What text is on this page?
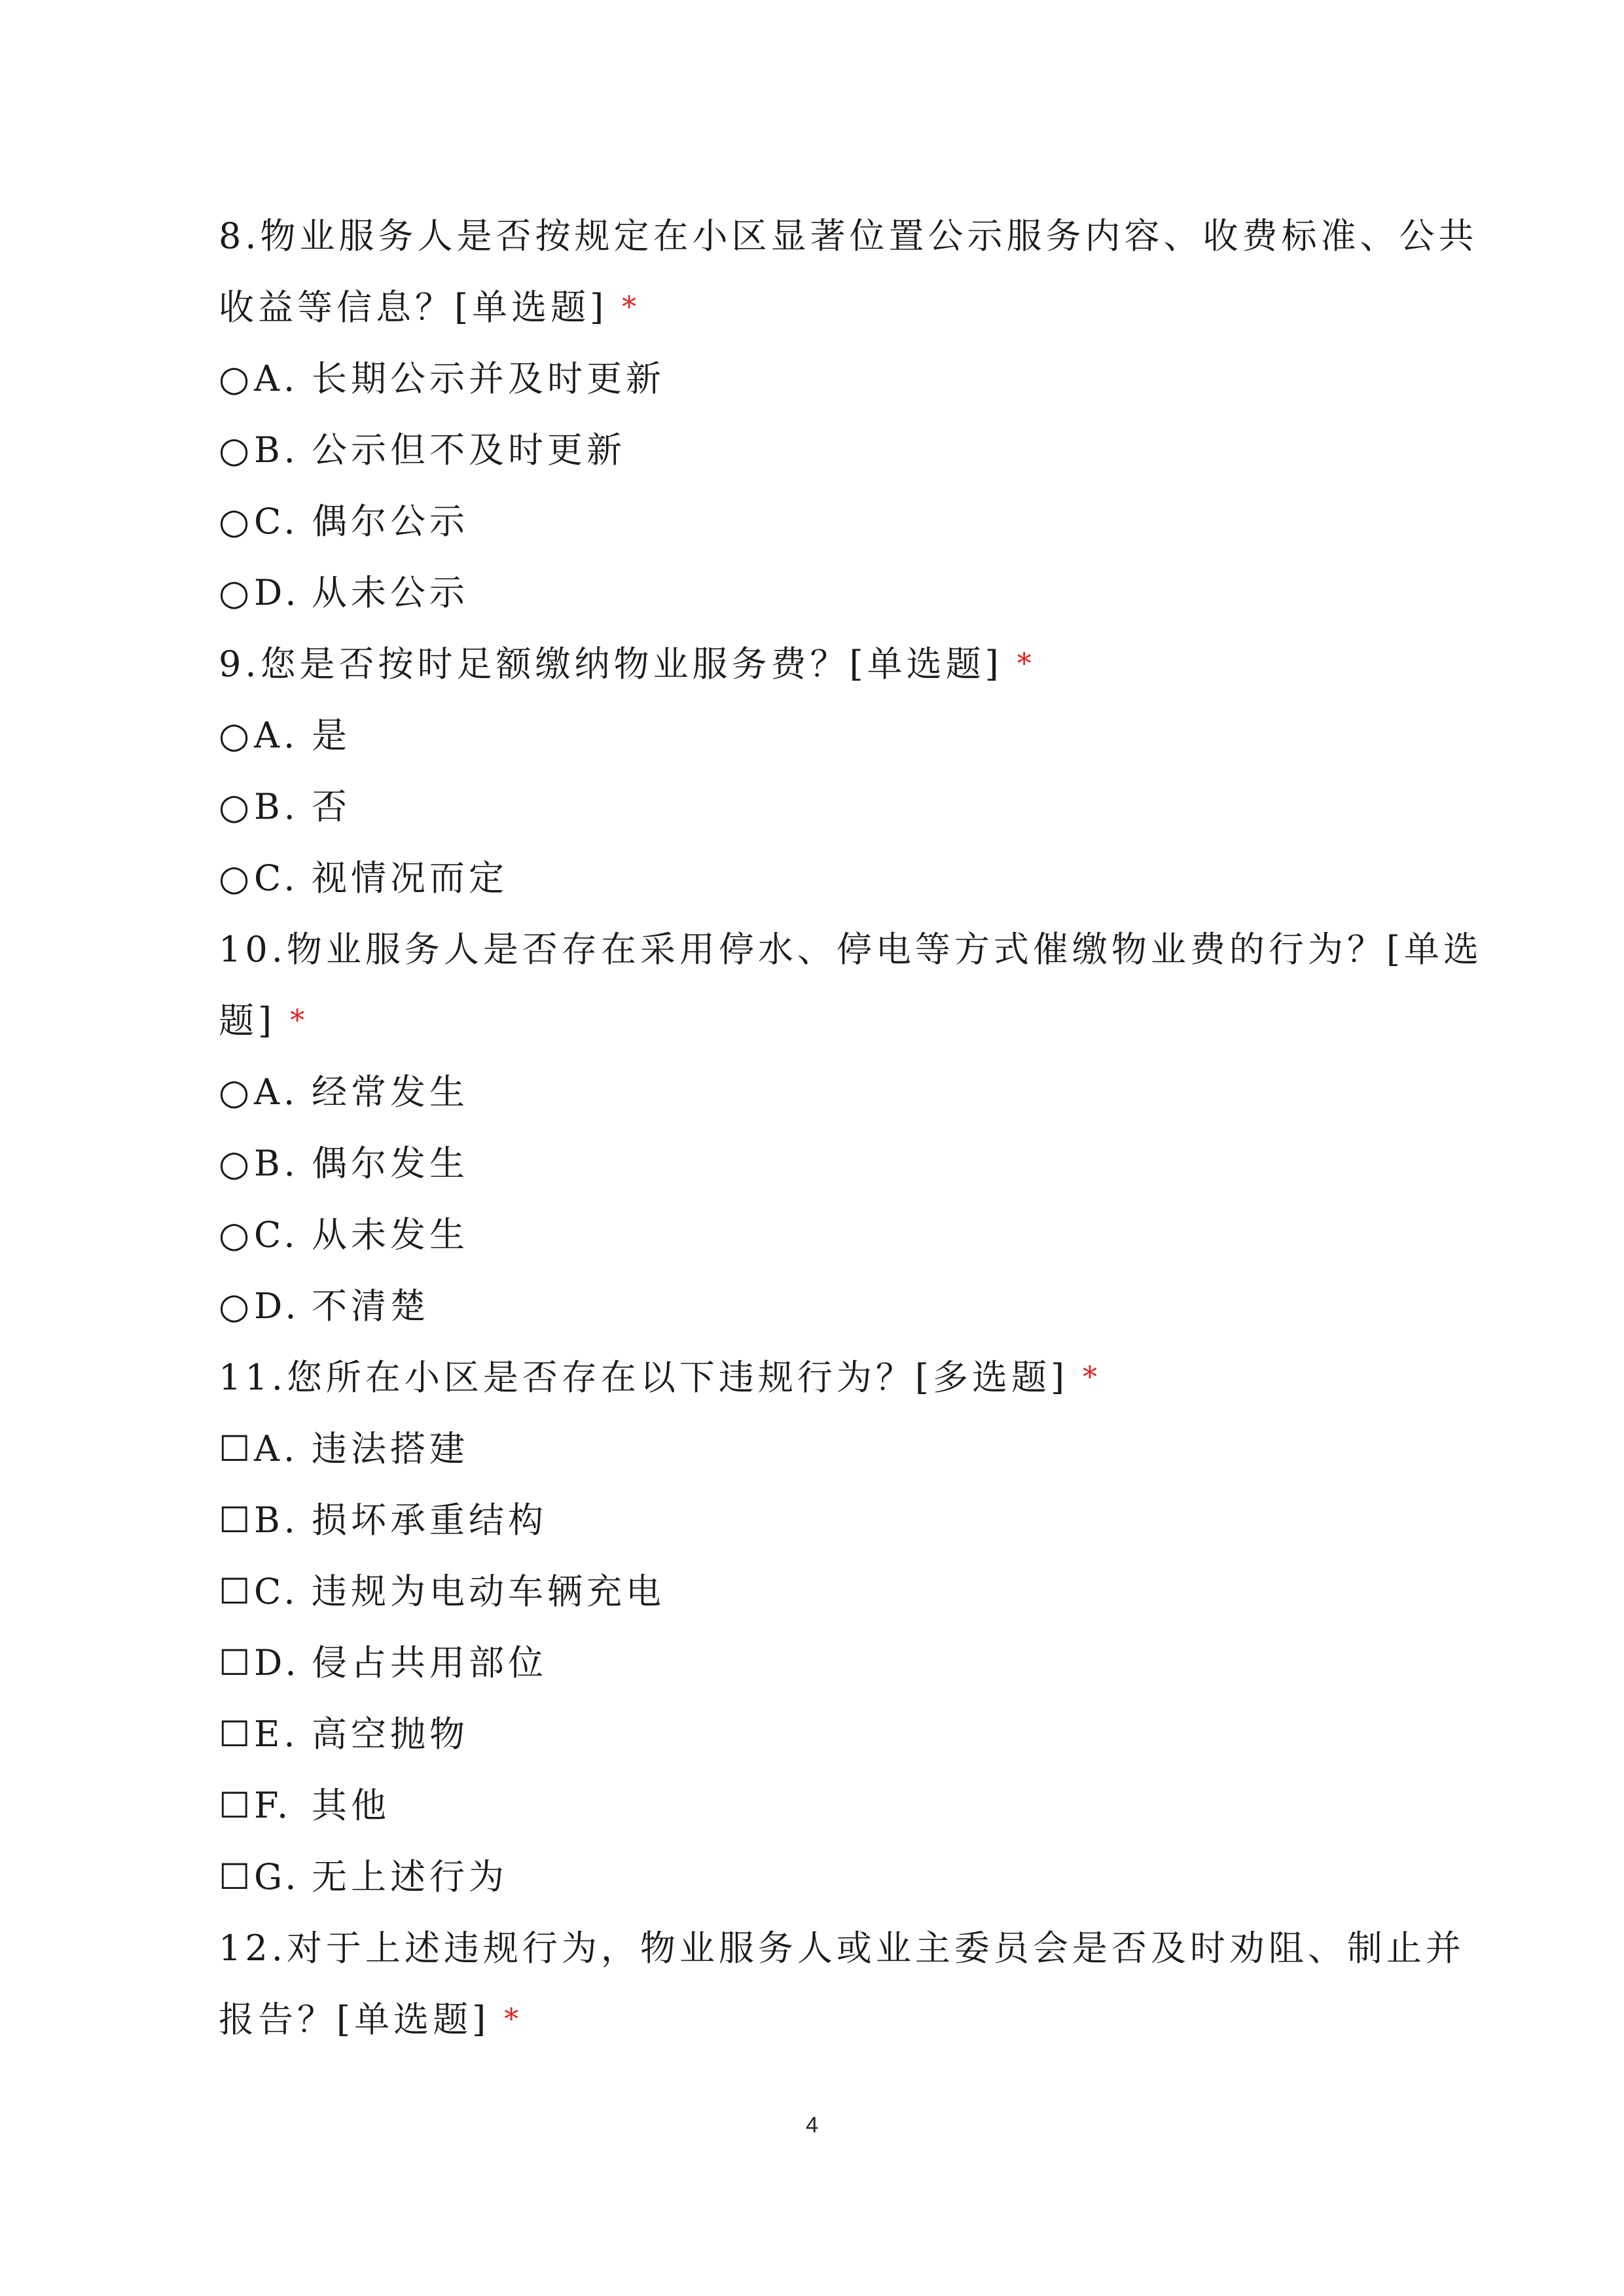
8.物业服务人是否按规定在小区显著位置公示服务内容、收费标准、公共
收益等信息？[单选题] *
○A. 长期公示并及时更新
○B. 公示但不及时更新
○C. 偶尔公示
○D. 从未公示
9.您是否按时足额缴纳物业服务费？[单选题] *
○A. 是
○B. 否
○C. 视情况而定
10.物业服务人是否存在采用停水、停电等方式催缴物业费的行为？[单选
题] *
○A. 经常发生
○B. 偶尔发生
○C. 从未发生
○D. 不清楚
11.您所在小区是否存在以下违规行为？[多选题] *
☐A. 违法搭建
☐B. 损坏承重结构
☐C. 违规为电动车辆充电
☐D. 侵占共用部位
☐E. 高空抛物
☐F. 其他
☐G. 无上述行为
12.对于上述违规行为，物业服务人或业主委员会是否及时劝阻、制止并
报告？[单选题] *
4
